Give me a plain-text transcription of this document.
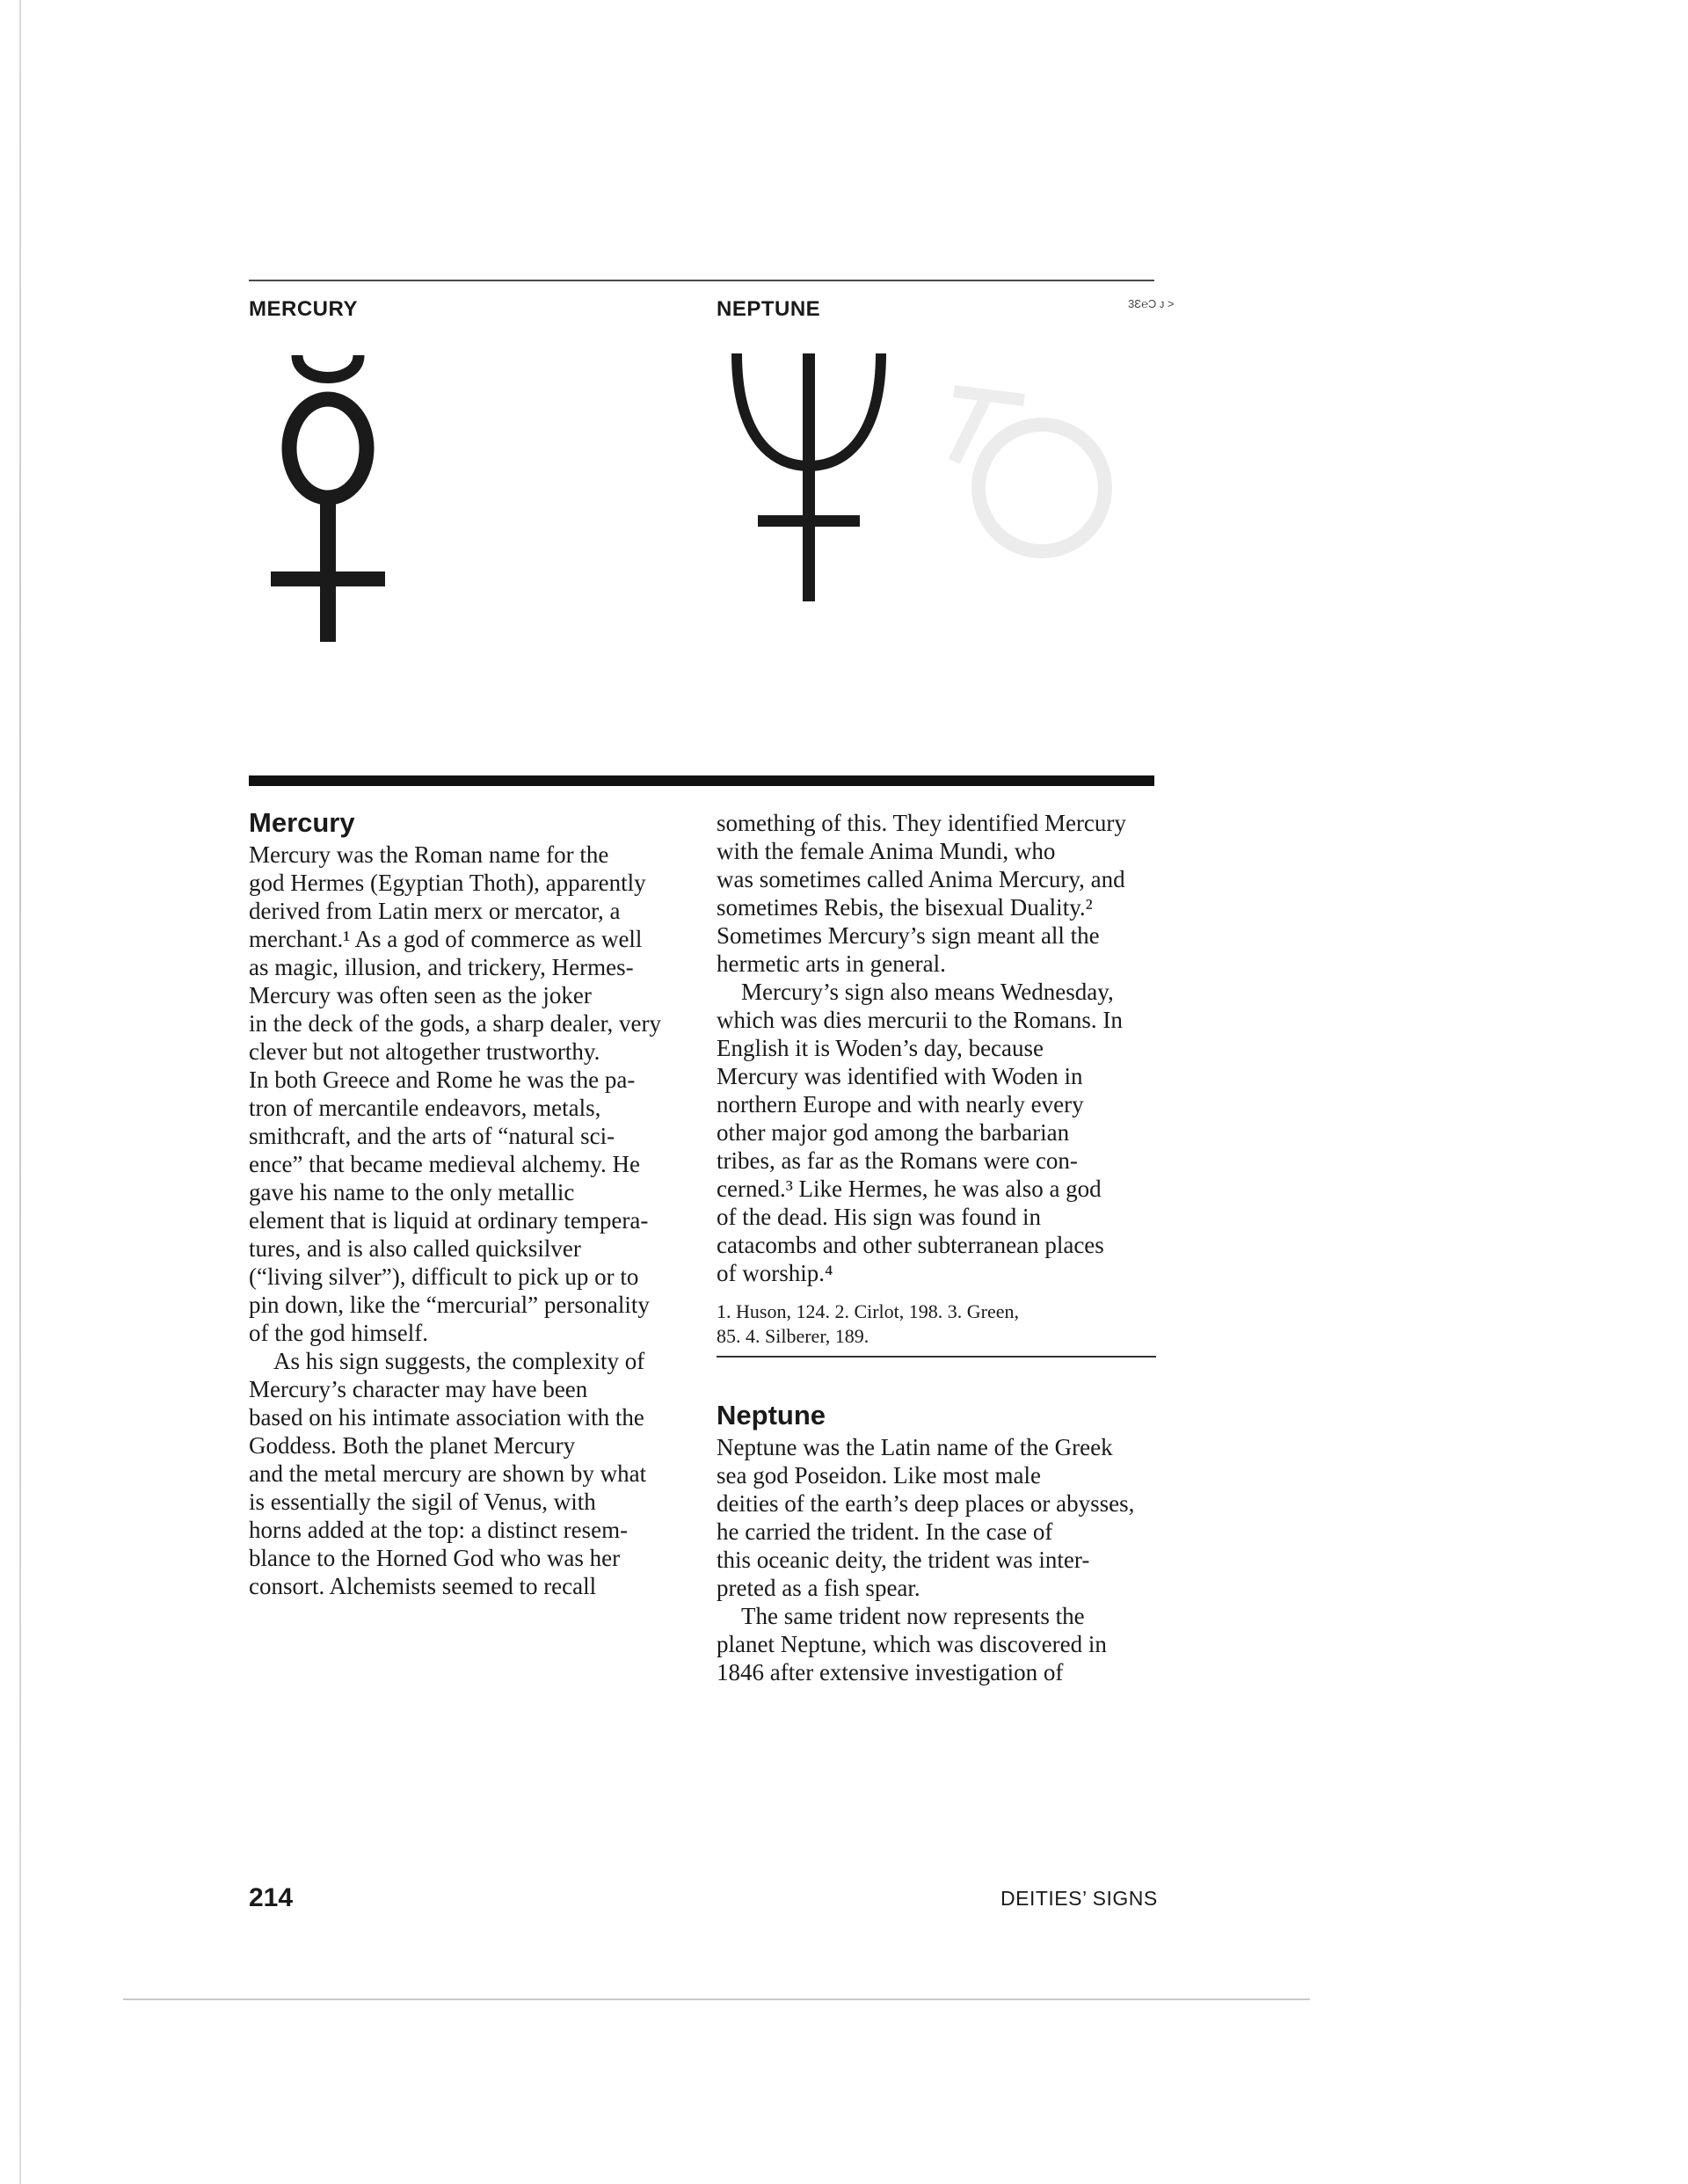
MERCURY	NEPTUNE	3Ɛ℮Ɔ ᴊ >
Mercury
Mercury was the Roman name for the
god Hermes (Egyptian Thoth), apparently
derived from Latin merx or mercator, a
merchant.¹ As a god of commerce as well
as magic, illusion, and trickery, Hermes-
Mercury was often seen as the joker
in the deck of the gods, a sharp dealer, very
clever but not altogether trustworthy.
In both Greece and Rome he was the pa-
tron of mercantile endeavors, metals,
smithcraft, and the arts of “natural sci-
ence” that became medieval alchemy. He
gave his name to the only metallic
element that is liquid at ordinary tempera-
tures, and is also called quicksilver
(“living silver”), difficult to pick up or to
pin down, like the “mercurial” personality
of the god himself.
As his sign suggests, the complexity of
Mercury’s character may have been
based on his intimate association with the
Goddess. Both the planet Mercury
and the metal mercury are shown by what
is essentially the sigil of Venus, with
horns added at the top: a distinct resem-
blance to the Horned God who was her
consort. Alchemists seemed to recall
something of this. They identified Mercury
with the female Anima Mundi, who
was sometimes called Anima Mercury, and
sometimes Rebis, the bisexual Duality.²
Sometimes Mercury’s sign meant all the
hermetic arts in general.
Mercury’s sign also means Wednesday,
which was dies mercurii to the Romans. In
English it is Woden’s day, because
Mercury was identified with Woden in
northern Europe and with nearly every
other major god among the barbarian
tribes, as far as the Romans were con-
cerned.³ Like Hermes, he was also a god
of the dead. His sign was found in
catacombs and other subterranean places
of worship.⁴
1. Huson, 124. 2. Cirlot, 198. 3. Green,
85. 4. Silberer, 189.
Neptune
Neptune was the Latin name of the Greek
sea god Poseidon. Like most male
deities of the earth’s deep places or abysses,
he carried the trident. In the case of
this oceanic deity, the trident was inter-
preted as a fish spear.
The same trident now represents the
planet Neptune, which was discovered in
1846 after extensive investigation of
214	DEITIES’ SIGNS
